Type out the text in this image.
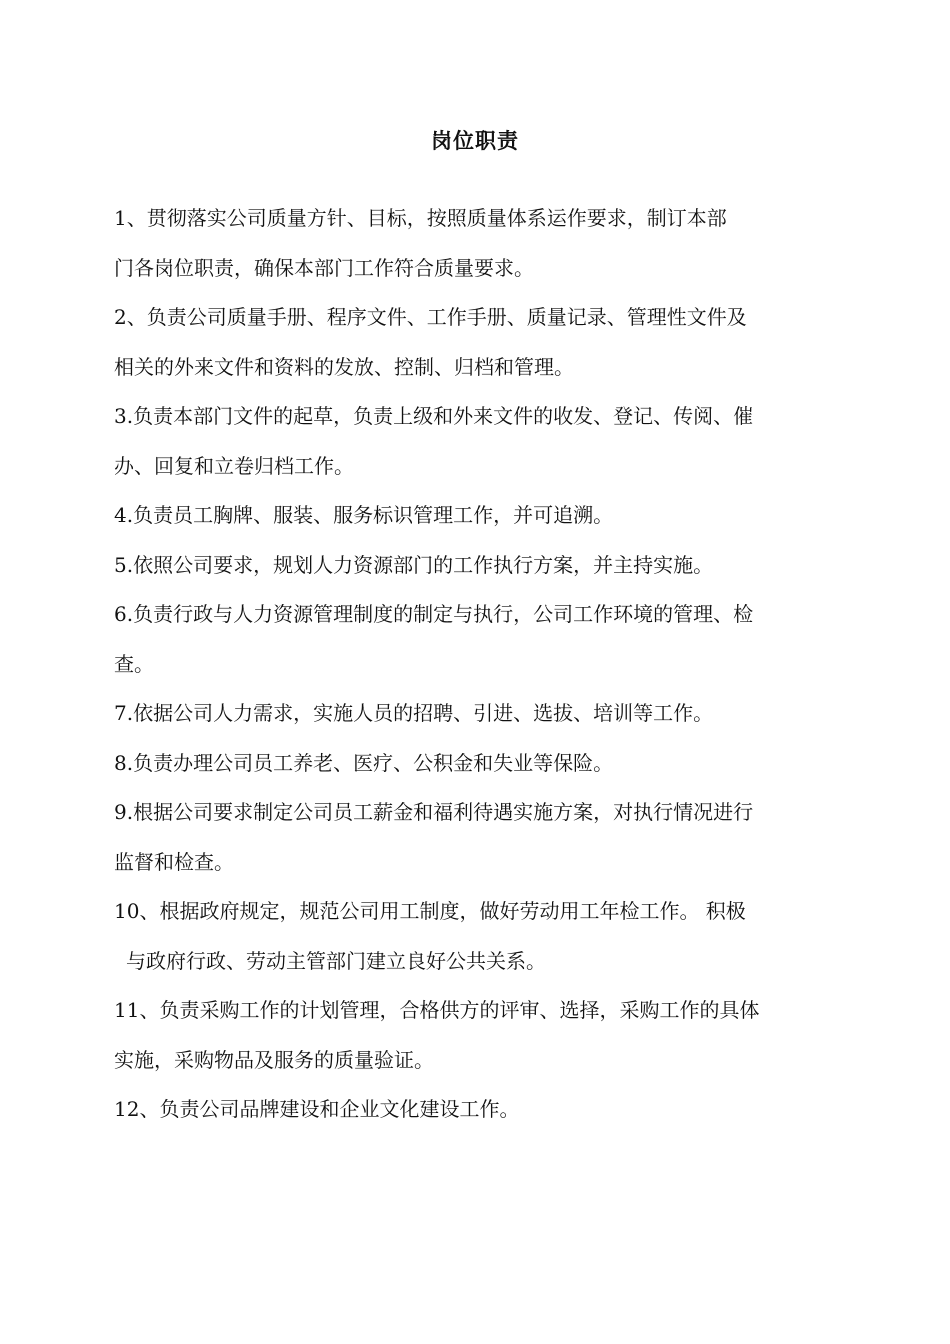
岗位职责
1、贯彻落实公司质量方针、目标，按照质量体系运作要求，制订本部
门各岗位职责，确保本部门工作符合质量要求。
2、负责公司质量手册、程序文件、工作手册、质量记录、管理性文件及
相关的外来文件和资料的发放、控制、归档和管理。
3.负责本部门文件的起草，负责上级和外来文件的收发、登记、传阅、催
办、回复和立卷归档工作。
4.负责员工胸牌、服装、服务标识管理工作，并可追溯。
5.依照公司要求，规划人力资源部门的工作执行方案，并主持实施。
6.负责行政与人力资源管理制度的制定与执行，公司工作环境的管理、检
查。
7.依据公司人力需求，实施人员的招聘、引进、选拔、培训等工作。
8.负责办理公司员工养老、医疗、公积金和失业等保险。
9.根据公司要求制定公司员工薪金和福利待遇实施方案，对执行情况进行
监督和检查。
10、根据政府规定，规范公司用工制度，做好劳动用工年检工作。 积极
与政府行政、劳动主管部门建立良好公共关系。
11、负责采购工作的计划管理，合格供方的评审、选择，采购工作的具体
实施，采购物品及服务的质量验证。
12、负责公司品牌建设和企业文化建设工作。
